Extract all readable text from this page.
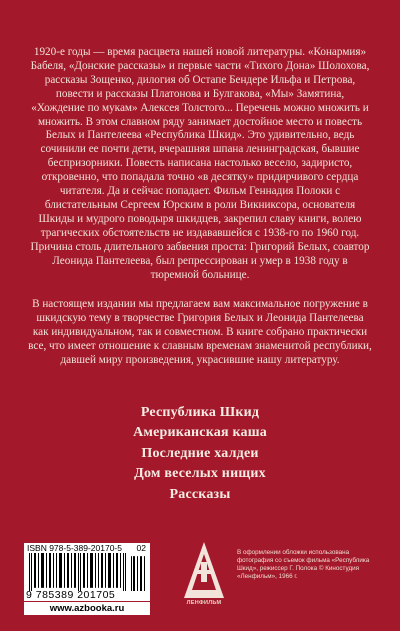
1920-е годы — время расцвета нашей новой литературы. «Конармия» Бабеля, «Донские рассказы» и первые части «Тихого Дона» Шолохова, рассказы Зощенко, дилогия об Остапе Бендере Ильфа и Петрова, повести и рассказы Платонова и Булгакова, «Мы» Замятина, «Хождение по мукам» Алексея Толстого... Перечень можно множить и множить. В этом славном ряду занимает достойное место и повесть Белых и Пантелеева «Республика Шкид». Это удивительно, ведь сочинили ее почти дети, вчерашняя шпана ленинградская, бывшие беспризорники. Повесть написана настолько весело, задиристо, откровенно, что попадала точно «в десятку» придирчивого сердца читателя. Да и сейчас попадает. Фильм Геннадия Полоки с блистательным Сергеем Юрским в роли Викниксора, основателя Шкиды и мудрого поводыря шкидцев, закрепил славу книги, волею трагических обстоятельств не издававшейся с 1938-го по 1960 год. Причина столь длительного забвения проста: Григорий Белых, соавтор Леонида Пантелеева, был репрессирован и умер в 1938 году в тюремной больнице.

В настоящем издании мы предлагаем вам максимальное погружение в шкидскую тему в творчестве Григория Белых и Леонида Пантелеева как индивидуальном, так и совместном. В книге собрано практически все, что имеет отношение к славным временам знаменитой республики, давшей миру произведения, украсившие нашу литературу.

Республика Шкид
Американская каша
Последние халдеи
Дом веселых нищих
Рассказы
ISBN 978-5-389-20170-5	02
9 785389 201705
www.azbooka.ru	ЛЕНФИЛЬМ

В оформлении обложки использована фотография со съемок фильма «Республика Шкид», режиссер Г. Полока © Киностудия «Ленфильм», 1966 г.
